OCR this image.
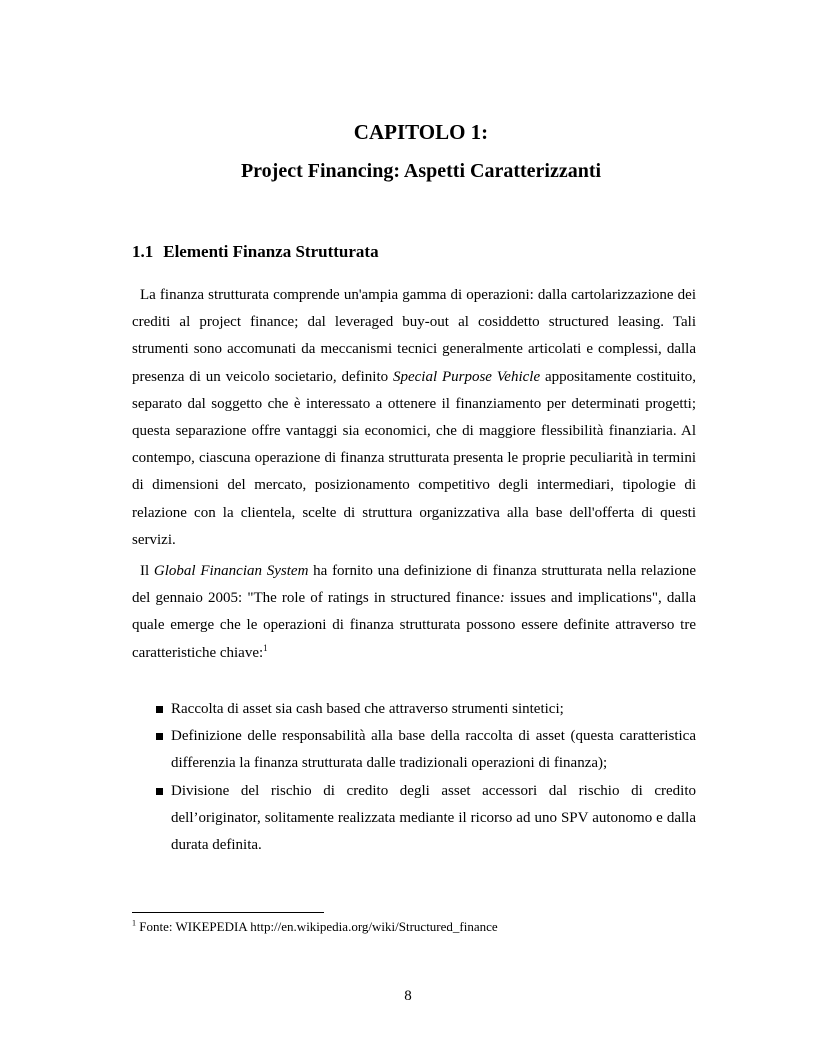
CAPITOLO 1:
Project Financing: Aspetti Caratterizzanti
1.1 Elementi Finanza Strutturata

La finanza strutturata comprende un'ampia gamma di operazioni: dalla cartolarizzazione dei crediti al project finance; dal leveraged buy-out al cosiddetto structured leasing. Tali strumenti sono accomunati da meccanismi tecnici generalmente articolati e complessi, dalla presenza di un veicolo societario, definito Special Purpose Vehicle appositamente costituito, separato dal soggetto che è interessato a ottenere il finanziamento per determinati progetti; questa separazione offre vantaggi sia economici, che di maggiore flessibilità finanziaria. Al contempo, ciascuna operazione di finanza strutturata presenta le proprie peculiarità in termini di dimensioni del mercato, posizionamento competitivo degli intermediari, tipologie di relazione con la clientela, scelte di struttura organizzativa alla base dell'offerta di questi servizi.

Il Global Financian System ha fornito una definizione di finanza strutturata nella relazione del gennaio 2005: "The role of ratings in structured finance: issues and implications", dalla quale emerge che le operazioni di finanza strutturata possono essere definite attraverso tre caratteristiche chiave:$^1$

Raccolta di asset sia cash based che attraverso strumenti sintetici;
Definizione delle responsabilità alla base della raccolta di asset (questa caratteristica differenzia la finanza strutturata dalle tradizionali operazioni di finanza);
Divisione del rischio di credito degli asset accessori dal rischio di credito dell’originator, solitamente realizzata mediante il ricorso ad uno SPV autonomo e dalla durata definita.
$^1$ Fonte: WIKEPEDIA http://en.wikipedia.org/wiki/Structured_finance
8
